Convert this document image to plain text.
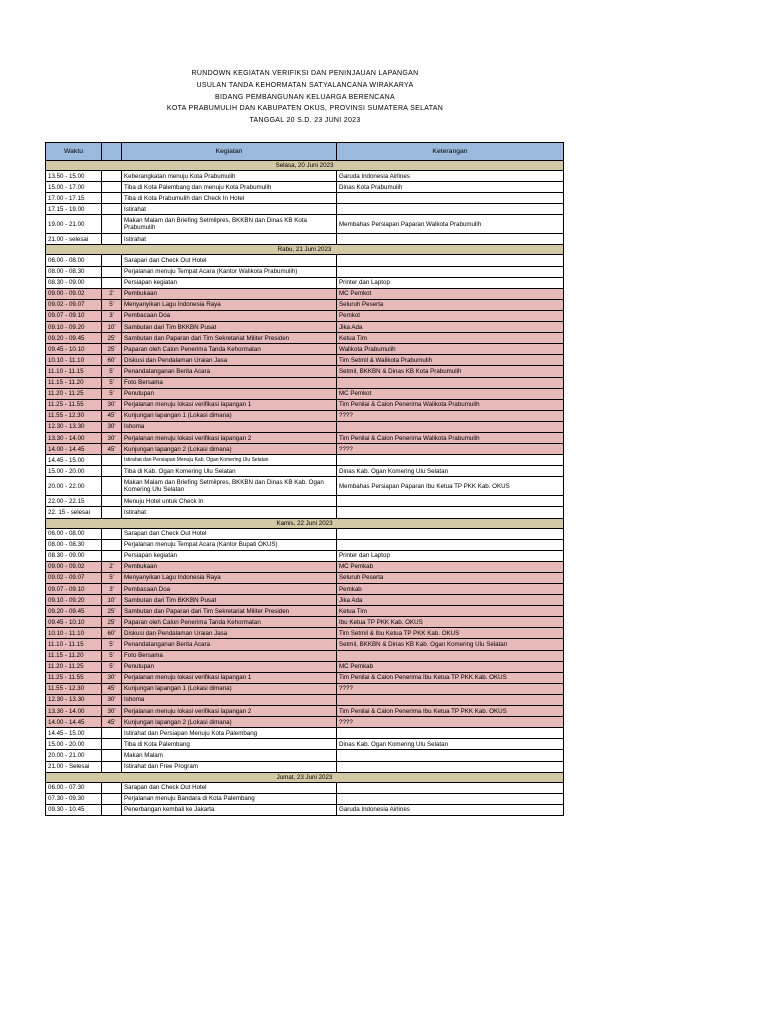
RUNDOWN KEGIATAN VERIFIKSI DAN PENINJAUAN LAPANGAN
USULAN TANDA KEHORMATAN SATYALANCANA WIRAKARYA
BIDANG PEMBANGUNAN KELUARGA BERENCANA
KOTA PRABUMULIH DAN KABUPATEN OKUS, PROVINSI SUMATERA SELATAN
TANGGAL 20 S.D. 23 JUNI 2023
Waktu		Kegiatan	Keterangan
Selasa, 20 Juni 2023			
13.50 - 15.00		Keberangkatan menuju Kota Prabumulih	Garuda Indonesia Airlines
15.00 - 17.00		Tiba di Kota Palembang dan menuju Kota Prabumulih	Dinas Kota Prabumulih
17.00 - 17.15		Tiba di Kota Prabumulih dan Check In Hotel	
17.15 - 19.00		Istirahat	
19.00 - 21.00		Makan Malam dan Briefing Setmilpres, BKKBN dan Dinas KB Kota Prabumulih	Membahas Persiapan Paparan Walkota Prabumulih
21.00 - selesai		Istirahat	
Rabu, 21 Juni 2023			
06.00 - 08.00		Sarapan dan Check Out Hotel	
08.00 - 08.30		Perjalanan menuju Tempat Acara (Kantor Walikota Prabumulih)	
08.30 - 09.00		Persiapan kegiatan	Printer dan Laptop
09.00 - 09.02	2'	Pembukaan	MC Pemkot
09.02 - 09.07	5'	Menyanyikan Lagu Indonesia Raya	Seluruh Peserta
09.07 - 09.10	3'	Pembacaan Doa	Pemkot
09.10 - 09.20	10'	Sambutan dari Tim BKKBN Pusat	Jika Ada
09.20 - 09.45	25'	Sambutan dan Paparan dari Tim Sekretariat Militer Presiden	Ketua Tim
09.45 - 10.10	25'	Paparan oleh Calon Penerima Tanda Kehormatan	Walikota Prabumulih
10.10 - 11.10	60'	Diskusi dan Pendalaman Uraian Jasa	Tim Setmil & Walikota Prabumulih
11.10 - 11.15	5'	Penandatanganan Berita Acara	Setmil, BKKBN & Dinas KB Kota Prabumulih
11.15 - 11.20	5'	Foto Bersama	
11.20 - 11.25	5'	Penutupan	MC Pemkot
11.25 - 11.55	30'	Perjalanan menuju lokasi verifikasi lapangan 1	Tim Penilai & Calon Penerima Walikota Prabumulih
11.55 - 12.30	45'	Kunjungan lapangan 1 (Lokasi dimana)	????
12.30 - 13.30	30'	Ishoma	
13.30 - 14.00	30'	Perjalanan menuju lokasi verifikasi lapangan 2	Tim Penilai & Calon Penerima Walikota Prabumulih
14.00 - 14.45	45'	Kunjungan lapangan 2 (Lokasi dimana)	????
14.45 - 15.00		Istirahat dan Persiapan Menuju Kab. Ogan Komering Ulu Selatan	
15.00 - 20.00		Tiba di Kab. Ogan Komering Ulu Selatan	Dinas Kab. Ogan Komering Ulu Selatan
20.00 - 22.00		Makan Malam dan Briefing Setmilpres, BKKBN dan Dinas KB Kab. Ogan Komering Ulu Selatan	Membahas Persiapan Paparan Ibu Ketua TP PKK Kab. OKUS
22.00 - 22.15		Menuju Hotel untuk Check In	
22. 15 - selesai		Istirahat	
Kamis, 22 Juni 2023			
06.00 - 08.00		Sarapan dan Check Out Hotel	
08.00 - 08.30		Perjalanan menuju Tempat Acara (Kantor Bupati OKUS)	
08.30 - 09.00		Persiapan kegiatan	Printer dan Laptop
09.00 - 09.02	2'	Pembukaan	MC Pemkab
09.02 - 09.07	5'	Menyanyikan Lagu Indonesia Raya	Seluruh Peserta
09.07 - 09.10	3'	Pembacaan Doa	Pemkab
09.10 - 09.20	10'	Sambutan dari Tim BKKBN Pusat	Jika Ada
09.20 - 09.45	25'	Sambutan dan Paparan dari Tim Sekretariat Militer Presiden	Ketua Tim
09.45 - 10.10	25'	Paparan oleh Calon Penerima Tanda Kehormatan	Ibu Ketua TP PKK Kab. OKUS
10.10 - 11.10	60'	Diskusi dan Pendalaman Uraian Jasa	Tim Setmil & Ibu Ketua TP PKK Kab. OKUS
11.10 - 11.15	5'	Penandatanganan Berita Acara	Setmil, BKKBN & Dinas KB Kab. Ogan Komering Ulu Selatan
11.15 - 11.20	5'	Foto Bersama	
11.20 - 11.25	5'	Penutupan	MC Pemkab
11.25 - 11.55	30'	Perjalanan menuju lokasi verifikasi lapangan 1	Tim Penilai & Calon Penerima Ibu Ketua TP PKK Kab. OKUS
11.55 - 12.30	45'	Kunjungan lapangan 1 (Lokasi dimana)	????
12.30 - 13.30	30'	Ishoma	
13.30 - 14.00	30'	Perjalanan menuju lokasi verifikasi lapangan 2	Tim Penilai & Calon Penerima Ibu Ketua TP PKK Kab. OKUS
14.00 - 14.45	45'	Kunjungan lapangan 2 (Lokasi dimana)	????
14.45 - 15.00		Istirahat dan Persiapan Menuju Kota Palembang	
15.00 - 20.00		Tiba di Kota Palembang	Dinas Kab. Ogan Komering Ulu Selatan
20.00 - 21.00		Makan Malam	
21.00 - Selesai		Istirahat dan Free Program	
Jumat, 23 Juni 2023			
06.00 - 07.30		Sarapan dan Check Out Hotel	
07.30 - 09.30		Perjalanan menuju Bandara di Kota Palembang	
09.30 - 10.45		Penerbangan kembali ke Jakarta	Garuda Indonesia Airlines
